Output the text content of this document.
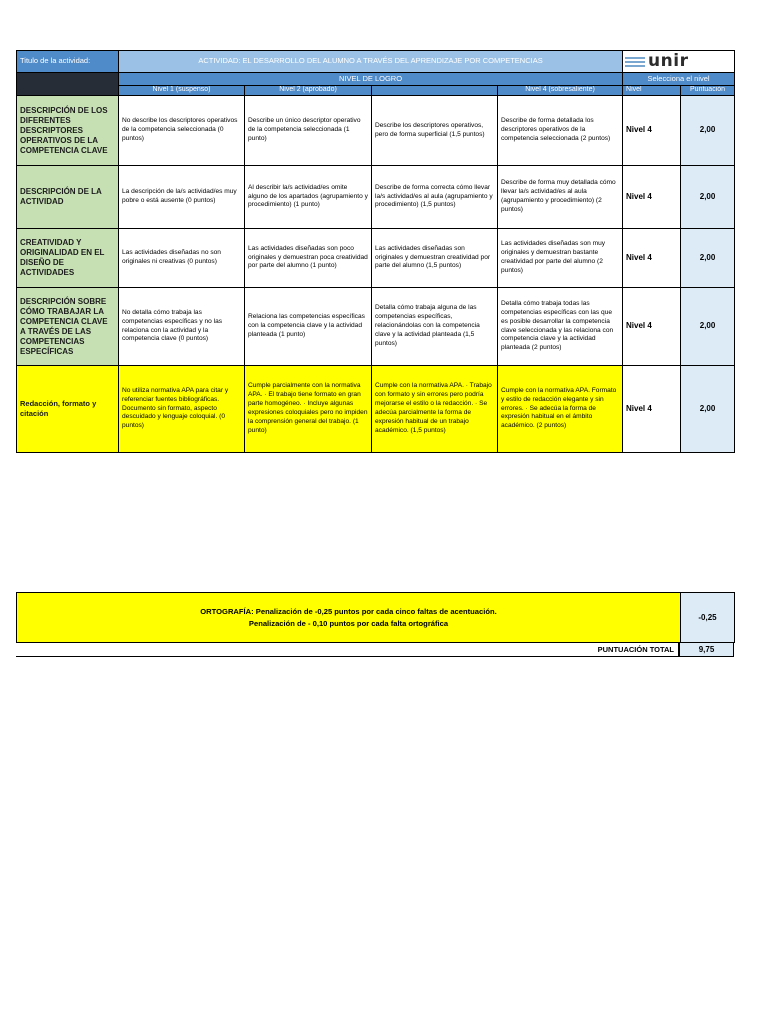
Titulo de la actividad:	ACTIVIDAD: EL DESARROLLO DEL ALUMNO A TRAVÉS DEL APRENDIZAJE POR COMPETENCIAS				unir	

	NIVEL DE LOGRO				Selecciona el nivel	
	Nivel 1 (suspenso)	Nivel 2 (aprobado)		Nivel 4 (sobresaliente)	Nivel	Puntuación
DESCRIPCIÓN DE LOS DIFERENTES DESCRIPTORES OPERATIVOS DE LA COMPETENCIA CLAVE	No describe los descriptores operativos de la competencia seleccionada (0 puntos)	Describe un único descriptor operativo de la competencia seleccionada (1 punto)	Describe los descriptores operativos, pero de forma superficial (1,5 puntos)	Describe de forma detallada los descriptores operativos de la competencia seleccionada (2 puntos)	Nivel 4	2,00
DESCRIPCIÓN DE LA ACTIVIDAD	La descripción de la/s actividad/es muy pobre o está ausente (0 puntos)	Al describir la/s actividad/es omite alguno de los apartados (agrupamiento y procedimiento) (1 punto)	Describe de forma correcta cómo llevar la/s actividad/es al aula (agrupamiento y procedimiento) (1,5 puntos)	Describe de forma muy detallada cómo llevar la/s actividad/es al aula (agrupamiento y procedimiento) (2 puntos)	Nivel 4	2,00
CREATIVIDAD Y ORIGINALIDAD EN EL DISEÑO DE ACTIVIDADES	Las actividades diseñadas no son originales ni creativas (0 puntos)	Las actividades diseñadas son poco originales y demuestran poca creatividad por parte del alumno (1 punto)	Las actividades diseñadas son originales y demuestran creatividad por parte del alumno (1,5 puntos)	Las actividades diseñadas son muy originales y demuestran bastante creatividad por parte del alumno (2 puntos)	Nivel 4	2,00
DESCRIPCIÓN SOBRE CÓMO TRABAJAR LA COMPETENCIA CLAVE A TRAVÉS DE LAS COMPETENCIAS ESPECÍFICAS	No detalla cómo trabaja las competencias específicas y no las relaciona con la actividad y la competencia clave (0 puntos)	Relaciona las competencias específicas con la competencia clave y la actividad planteada (1 punto)	Detalla cómo trabaja alguna de las competencias específicas, relacionándolas con la competencia clave y la actividad planteada (1,5 puntos)	Detalla cómo trabaja todas las competencias específicas con las que es posible desarrollar la competencia clave seleccionada y las relaciona con competencia clave y la actividad planteada (2 puntos)	Nivel 4	2,00
Redacción, formato y citación	No utiliza normativa APA para citar y referenciar fuentes bibliográficas. Documento sin formato, aspecto descuidado y lenguaje coloquial. (0 puntos)	Cumple parcialmente con la normativa APA. · El trabajo tiene formato en gran parte homogéneo. · Incluye algunas expresiones coloquiales pero no impiden la comprensión general del trabajo. (1 punto)	Cumple con la normativa APA. · Trabajo con formato y sin errores pero podría mejorarse el estilo o la redacción. · Se adecúa parcialmente la forma de expresión habitual de un trabajo académico. (1,5 puntos)	Cumple con la normativa APA. Formato y estilo de redacción elegante y sin errores. · Se adecúa la forma de expresión habitual en el ámbito académico. (2 puntos)	Nivel 4	2,00
ORTOGRAFÍA: Penalización de -0,25 puntos por cada cinco faltas de acentuación.
Penalización de - 0,10 puntos por cada falta ortográfica
	-0,25
PUNTUACIÓN TOTAL	9,75
